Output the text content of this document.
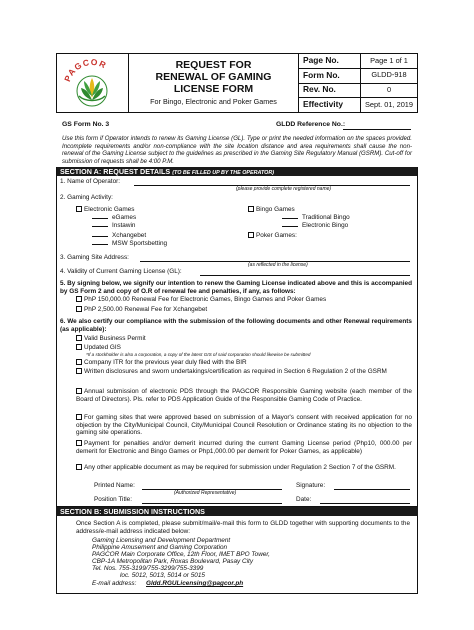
PAGCOR	REQUEST FOR
RENEWAL OF GAMING
LICENSE FORM
For Bingo, Electronic and Poker Games
Page No.	Page 1 of 1
Form No.	GLDD-918
Rev. No.	0
Effectivity	Sept. 01, 2019
GS Form No. 3	GLDD Reference No.:
Use this form if Operator intends to renew its Gaming License (GL). Type or print the needed information on the spaces provided. Incomplete requirements and/or non-compliance with the site location distance and area requirements shall cause the non-renewal of the Gaming License subject to the guidelines as prescribed in the Gaming Site Regulatory Manual (GSRM). Cut-off for submission of requests shall be 4:00 P.M.
SECTION A: REQUEST DETAILS (TO BE FILLED UP BY THE OPERATOR)
1. Name of Operator:
(please provide complete registered name)
2. Gaming Activity:
Electronic Games
eGames
Instawin
Xchangebet
MSW Sportsbetting
Bingo Games
Traditional Bingo
Electronic Bingo
Poker Games:
3. Gaming Site Address:
(as reflected in the license)
4. Validity of Current Gaming License (GL):
5. By signing below, we signify our intention to renew the Gaming License indicated above and this is accompanied by GS Form 2 and copy of O.R of renewal fee and penalties, if any, as follows:
PhP 150,000.00 Renewal Fee for Electronic Games, Bingo Games and Poker Games
PhP 2,500.00 Renewal Fee for Xchangebet
6. We also certify our compliance with the submission of the following documents and other Renewal requirements (as applicable):
Valid Business Permit
Updated GIS
*If a stockholder is also a corporation, a copy of the latest GIS of said corporation should likewise be submitted
Company ITR for the previous year duly filed with the BIR
Written disclosures and sworn undertakings/certification as required in Section 6 Regulation 2 of the GSRM
Annual submission of electronic PDS through the PAGCOR Responsible Gaming website (each member of the Board of Directors). Pls. refer to PDS Application Guide of the Responsible Gaming Code of Practice.
For gaming sites that were approved based on submission of a Mayor's consent with received application for no objection by the City/Municipal Council, City/Municipal Council Resolution or Ordinance stating its no objection to the gaming site operations.
Payment for penalties and/or demerit incurred during the current Gaming License period (Php10, 000.00 per demerit for Electronic and Bingo Games or Php1,000.00 per demerit for Poker Games, as applicable)
Any other applicable document as may be required for submission under Regulation 2 Section 7 of the GSRM.
Printed Name:
(Authorized Representative)
Signature:
Position Title:	Date:
SECTION B: SUBMISSION INSTRUCTIONS
Once Section A is completed, please submit/mail/e-mail this form to GLDD together with supporting documents to the address/e-mail address indicated below:
Gaming Licensing and Development Department
Philippine Amusement and Gaming Corporation
PAGCOR Main Corporate Office, 12th Floor, IMET BPO Tower,
CBP-1A Metropolitan Park, Roxas Boulevard, Pasay City
Tel. Nos. 755-3199/755-3299/755-3399
loc. 5012, 5013, 5014 or 5015
E-mail address: GIdd.RGULicensing@pagcor.ph
